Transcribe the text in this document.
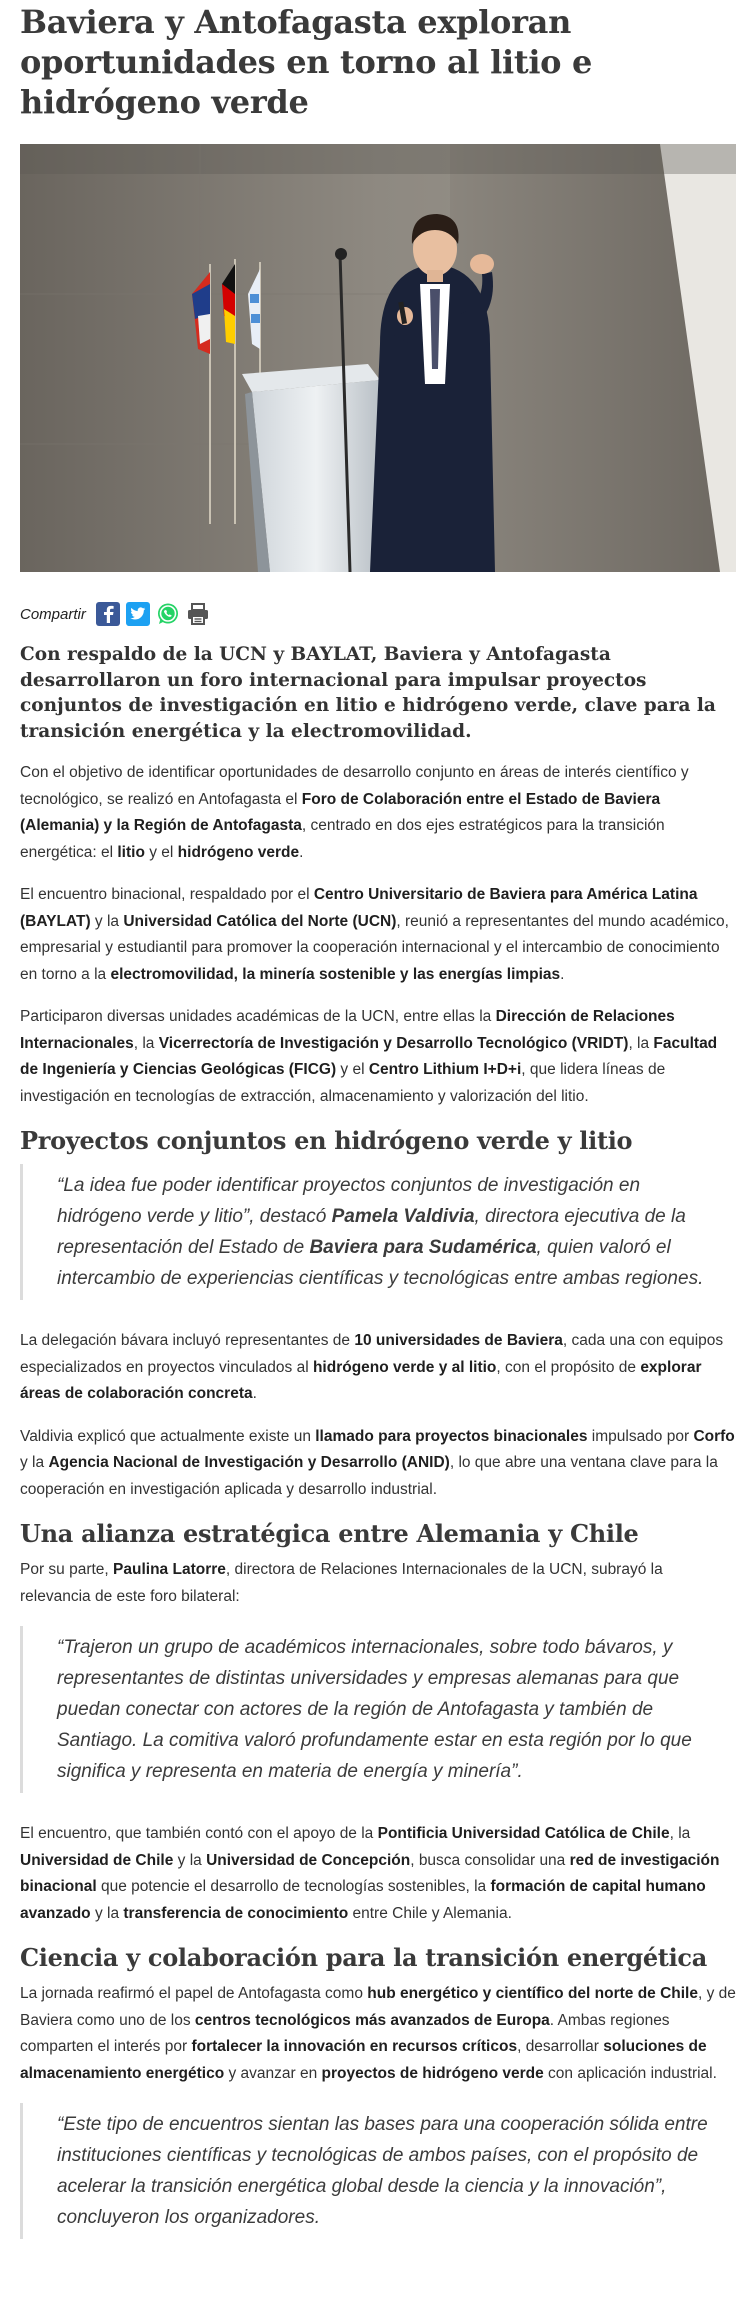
Baviera y Antofagasta exploran oportunidades en torno al litio e hidrógeno verde
Compartir

Con respaldo de la UCN y BAYLAT, Baviera y Antofagasta desarrollaron un foro internacional para impulsar proyectos conjuntos de investigación en litio e hidrógeno verde, clave para la transición energética y la electromovilidad.

Con el objetivo de identificar oportunidades de desarrollo conjunto en áreas de interés científico y tecnológico, se realizó en Antofagasta el Foro de Colaboración entre el Estado de Baviera (Alemania) y la Región de Antofagasta, centrado en dos ejes estratégicos para la transición energética: el litio y el hidrógeno verde.

El encuentro binacional, respaldado por el Centro Universitario de Baviera para América Latina (BAYLAT) y la Universidad Católica del Norte (UCN), reunió a representantes del mundo académico, empresarial y estudiantil para promover la cooperación internacional y el intercambio de conocimiento en torno a la electromovilidad, la minería sostenible y las energías limpias.

Participaron diversas unidades académicas de la UCN, entre ellas la Dirección de Relaciones Internacionales, la Vicerrectoría de Investigación y Desarrollo Tecnológico (VRIDT), la Facultad de Ingeniería y Ciencias Geológicas (FICG) y el Centro Lithium I+D+i, que lidera líneas de investigación en tecnologías de extracción, almacenamiento y valorización del litio.

Proyectos conjuntos en hidrógeno verde y litio

“La idea fue poder identificar proyectos conjuntos de investigación en hidrógeno verde y litio”, destacó Pamela Valdivia, directora ejecutiva de la representación del Estado de Baviera para Sudamérica, quien valoró el intercambio de experiencias científicas y tecnológicas entre ambas regiones.

La delegación bávara incluyó representantes de 10 universidades de Baviera, cada una con equipos especializados en proyectos vinculados al hidrógeno verde y al litio, con el propósito de explorar áreas de colaboración concreta.

Valdivia explicó que actualmente existe un llamado para proyectos binacionales impulsado por Corfo y la Agencia Nacional de Investigación y Desarrollo (ANID), lo que abre una ventana clave para la cooperación en investigación aplicada y desarrollo industrial.

Una alianza estratégica entre Alemania y Chile

Por su parte, Paulina Latorre, directora de Relaciones Internacionales de la UCN, subrayó la relevancia de este foro bilateral:

“Trajeron un grupo de académicos internacionales, sobre todo bávaros, y representantes de distintas universidades y empresas alemanas para que puedan conectar con actores de la región de Antofagasta y también de Santiago. La comitiva valoró profundamente estar en esta región por lo que significa y representa en materia de energía y minería”.

El encuentro, que también contó con el apoyo de la Pontificia Universidad Católica de Chile, la Universidad de Chile y la Universidad de Concepción, busca consolidar una red de investigación binacional que potencie el desarrollo de tecnologías sostenibles, la formación de capital humano avanzado y la transferencia de conocimiento entre Chile y Alemania.

Ciencia y colaboración para la transición energética

La jornada reafirmó el papel de Antofagasta como hub energético y científico del norte de Chile, y de Baviera como uno de los centros tecnológicos más avanzados de Europa. Ambas regiones comparten el interés por fortalecer la innovación en recursos críticos, desarrollar soluciones de almacenamiento energético y avanzar en proyectos de hidrógeno verde con aplicación industrial.

“Este tipo de encuentros sientan las bases para una cooperación sólida entre instituciones científicas y tecnológicas de ambos países, con el propósito de acelerar la transición energética global desde la ciencia y la innovación”, concluyeron los organizadores.
